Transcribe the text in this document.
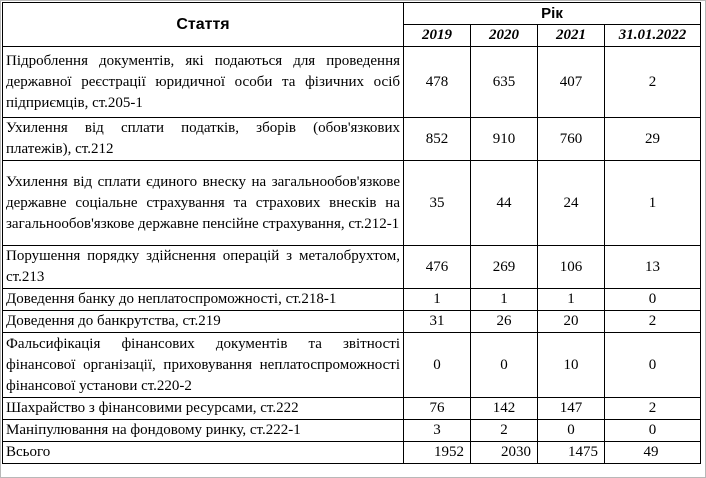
Стаття	Рік			
	2019	2020	2021	31.01.2022
Підроблення документів, які подаються для проведення державної реєстрації юридичної особи та фізичних осіб підприємців, ст.205-1	478	635	407	2
Ухилення від сплати податків, зборів (обов'язкових платежів), ст.212	852	910	760	29
Ухилення від сплати єдиного внеску на загальнообов'язкове державне соціальне страхування та страхових внесків на загальнообов'язкове державне пенсійне страхування, ст.212-1	35	44	24	1
Порушення порядку здійснення операцій з металобрухтом, ст.213	476	269	106	13
Доведення банку до неплатоспроможності, ст.218-1	1	1	1	0
Доведення до банкрутства, ст.219	31	26	20	2
Фальсифікація фінансових документів та звітності фінансової організації, приховування неплатоспроможності фінансової установи ст.220-2	0	0	10	0
Шахрайство з фінансовими ресурсами, ст.222	76	142	147	2
Маніпулювання на фондовому ринку, ст.222-1	3	2	0	0
Всього	1952	2030	1475	49
